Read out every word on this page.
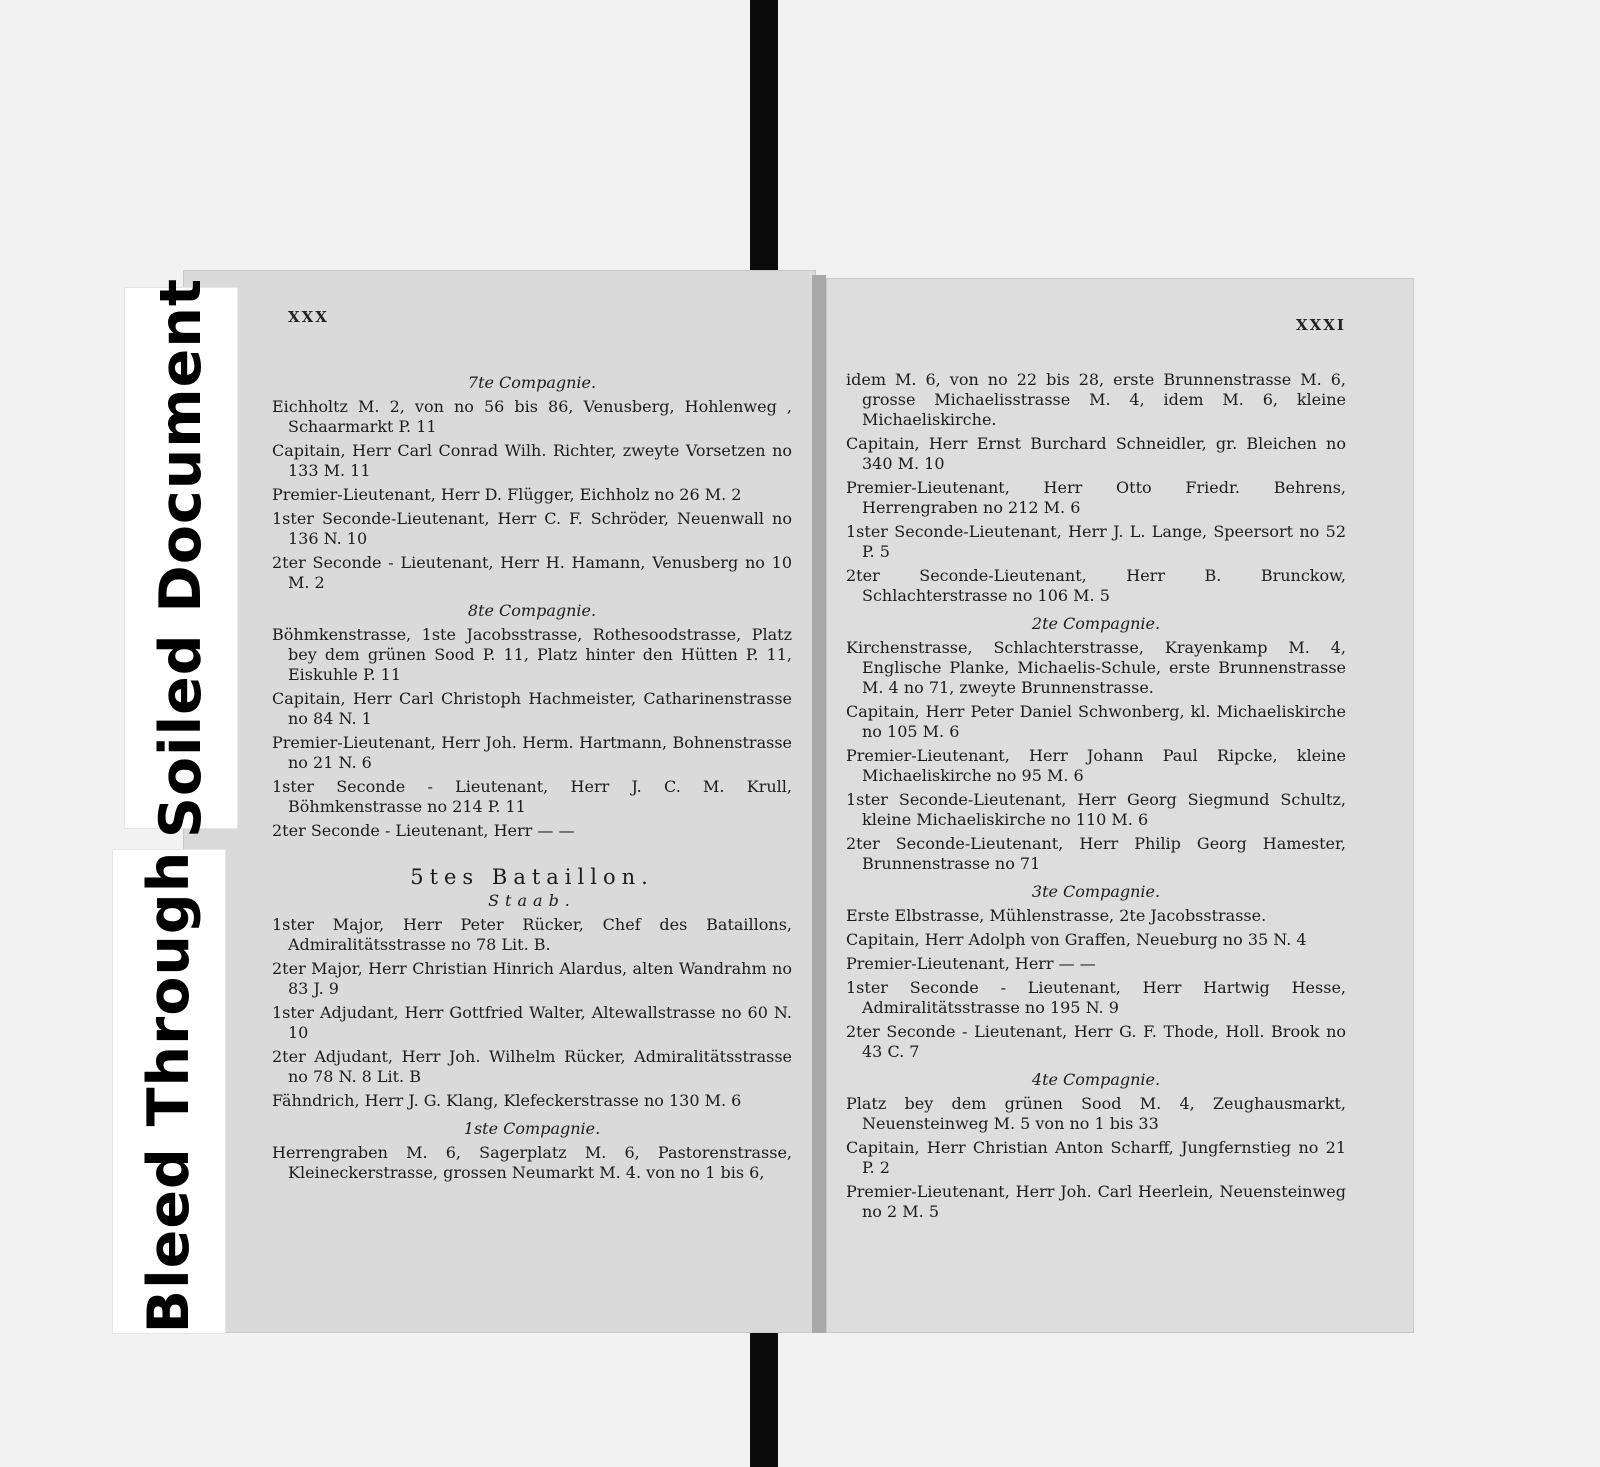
Soiled Document
Bleed Through
XXX	XXXI
7te Compagnie.
Eichholtz M. 2, von no 56 bis 86, Venusberg, Hohlenweg , Schaarmarkt P. 11
Capitain, Herr Carl Conrad Wilh. Richter, zweyte Vorsetzen no 133 M. 11
Premier-Lieutenant, Herr D. Flügger, Eichholz no 26 M. 2
1ster Seconde-Lieutenant, Herr C. F. Schröder, Neuenwall no 136 N. 10
2ter Seconde - Lieutenant, Herr H. Hamann, Venusberg no 10 M. 2
8te Compagnie.
Böhmkenstrasse, 1ste Jacobsstrasse, Rothesoodstrasse, Platz bey dem grünen Sood P. 11, Platz hinter den Hütten P. 11, Eiskuhle P. 11
Capitain, Herr Carl Christoph Hachmeister, Catharinenstrasse no 84 N. 1
Premier-Lieutenant, Herr Joh. Herm. Hartmann, Bohnenstrasse no 21 N. 6
1ster Seconde - Lieutenant, Herr J. C. M. Krull, Böhmkenstrasse no 214 P. 11
2ter Seconde - Lieutenant, Herr — —
5tes Bataillon.
Staab.
1ster Major, Herr Peter Rücker, Chef des Bataillons, Admiralitätsstrasse no 78 Lit. B.
2ter Major, Herr Christian Hinrich Alardus, alten Wandrahm no 83 J. 9
1ster Adjudant, Herr Gottfried Walter, Altewallstrasse no 60 N. 10
2ter Adjudant, Herr Joh. Wilhelm Rücker, Admiralitätsstrasse no 78 N. 8 Lit. B
Fähndrich, Herr J. G. Klang, Klefeckerstrasse no 130 M. 6
1ste Compagnie.
Herrengraben M. 6, Sagerplatz M. 6, Pastorenstrasse, Kleineckerstrasse, grossen Neumarkt M. 4. von no 1 bis 6,
idem M. 6, von no 22 bis 28, erste Brunnenstrasse M. 6, grosse Michaelisstrasse M. 4, idem M. 6, kleine Michaeliskirche.
Capitain, Herr Ernst Burchard Schneidler, gr. Bleichen no 340 M. 10
Premier-Lieutenant, Herr Otto Friedr. Behrens, Herrengraben no 212 M. 6
1ster Seconde-Lieutenant, Herr J. L. Lange, Speersort no 52 P. 5
2ter Seconde-Lieutenant, Herr B. Brunckow, Schlachterstrasse no 106 M. 5
2te Compagnie.
Kirchenstrasse, Schlachterstrasse, Krayenkamp M. 4, Englische Planke, Michaelis-Schule, erste Brunnenstrasse M. 4 no 71, zweyte Brunnenstrasse.
Capitain, Herr Peter Daniel Schwonberg, kl. Michaeliskirche no 105 M. 6
Premier-Lieutenant, Herr Johann Paul Ripcke, kleine Michaeliskirche no 95 M. 6
1ster Seconde-Lieutenant, Herr Georg Siegmund Schultz, kleine Michaeliskirche no 110 M. 6
2ter Seconde-Lieutenant, Herr Philip Georg Hamester, Brunnenstrasse no 71
3te Compagnie.
Erste Elbstrasse, Mühlenstrasse, 2te Jacobsstrasse.
Capitain, Herr Adolph von Graffen, Neueburg no 35 N. 4
Premier-Lieutenant, Herr — —
1ster Seconde - Lieutenant, Herr Hartwig Hesse, Admiralitätsstrasse no 195 N. 9
2ter Seconde - Lieutenant, Herr G. F. Thode, Holl. Brook no 43 C. 7
4te Compagnie.
Platz bey dem grünen Sood M. 4, Zeughausmarkt, Neuensteinweg M. 5 von no 1 bis 33
Capitain, Herr Christian Anton Scharff, Jungfernstieg no 21 P. 2
Premier-Lieutenant, Herr Joh. Carl Heerlein, Neuensteinweg no 2 M. 5
